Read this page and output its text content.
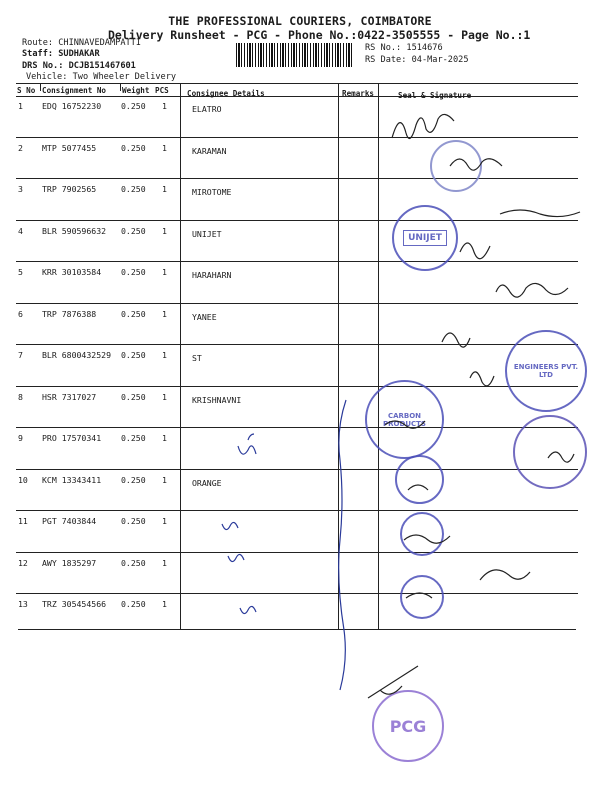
THE PROFESSIONAL COURIERS, COIMBATORE
Delivery Runsheet - PCG - Phone No.:0422-3505555 - Page No.:1
Route: CHINNAVEDAMPATTI
Staff: SUDHAKAR
DRS No.: DCJB151467601
Vehicle: Two Wheeler Delivery
RS No.: 1514676
RS Date: 04-Mar-2025
S No Consignment No Weight PCS Consignee Details	Remarks	Seal & Signature
1 EDQ 16752230 0.250 1	ELATRO
2 MTP 5077455	0.250 1	KARAMAN
3 TRP 7902565	0.250 1	MIROTOME
4 BLR 590596632 0.250 1	UNIJET
5 KRR 30103584 0.250 1	HARAHARN
6 TRP 7876388	0.250 1	YANEE
7 BLR 6800432529 0.250 1	ST
8 HSR 7317027	0.250 1	KRISHNAVNI
9 PRO 17570341 0.250 1
10 KCM 13343411 0.250 1	ORANGE
11 PGT 7403844	0.250 1
12 AWY 1835297	0.250 1
13 TRZ 305454566 0.250 1
UNIJET
ENGINEERS PVT. LTD
CARBON PRODUCTS
PCG
